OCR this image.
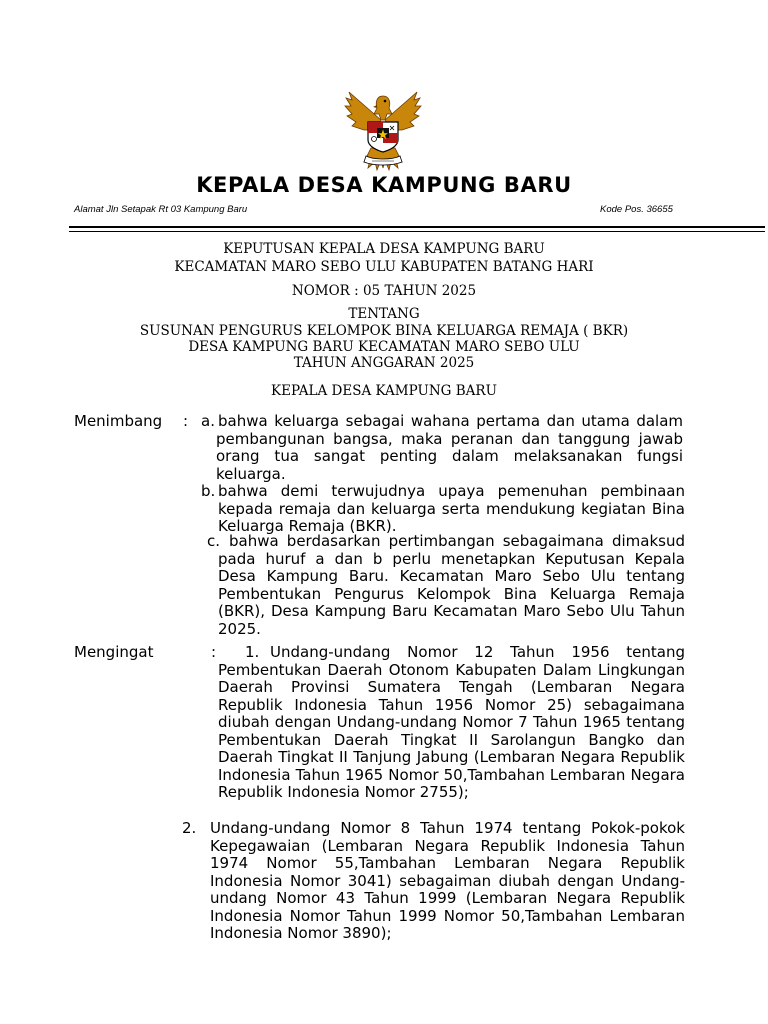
KEPALA DESA KAMPUNG BARU
Alamat Jln Setapak Rt 03 Kampung Baru	Kode Pos. 36655
KEPUTUSAN KEPALA DESA KAMPUNG BARU
KECAMATAN MARO SEBO ULU KABUPATEN BATANG HARI
NOMOR : 05 TAHUN 2025
TENTANG
SUSUNAN PENGURUS KELOMPOK BINA KELUARGA REMAJA ( BKR)
DESA KAMPUNG BARU KECAMATAN MARO SEBO ULU
TAHUN ANGGARAN 2025
KEPALA DESA KAMPUNG BARU
Menimbang : a. bahwa keluarga sebagai wahana pertama dan utama dalam pembangunan bangsa, maka peranan dan tanggung jawab orang tua sangat penting dalam melaksanakan fungsi keluarga.

b. bahwa demi terwujudnya upaya pemenuhan pembinaan kepada remaja dan keluarga serta mendukung kegiatan Bina Keluarga Remaja (BKR).

c. bahwa berdasarkan pertimbangan sebagaimana dimaksud pada huruf a dan b perlu menetapkan Keputusan Kepala Desa Kampung Baru. Kecamatan Maro Sebo Ulu tentang Pembentukan Pengurus Kelompok Bina Keluarga Remaja (BKR), Desa Kampung Baru Kecamatan Maro Sebo Ulu Tahun 2025.

Mengingat	: 1. Undang-undang Nomor 12 Tahun 1956 tentang Pembentukan Daerah Otonom Kabupaten Dalam Lingkungan Daerah Provinsi Sumatera Tengah (Lembaran Negara Republik Indonesia Tahun 1956 Nomor 25) sebagaimana diubah dengan Undang-undang Nomor 7 Tahun 1965 tentang Pembentukan Daerah Tingkat II Sarolangun Bangko dan Daerah Tingkat II Tanjung Jabung (Lembaran Negara Republik Indonesia Tahun 1965 Nomor 50,Tambahan Lembaran Negara Republik Indonesia Nomor 2755);

2. Undang-undang Nomor 8 Tahun 1974 tentang Pokok-pokok Kepegawaian (Lembaran Negara Republik Indonesia Tahun 1974 Nomor 55,Tambahan Lembaran Negara Republik Indonesia Nomor 3041) sebagaiman diubah dengan Undang-undang Nomor 43 Tahun 1999 (Lembaran Negara Republik Indonesia Nomor Tahun 1999 Nomor 50,Tambahan Lembaran Indonesia Nomor 3890);
